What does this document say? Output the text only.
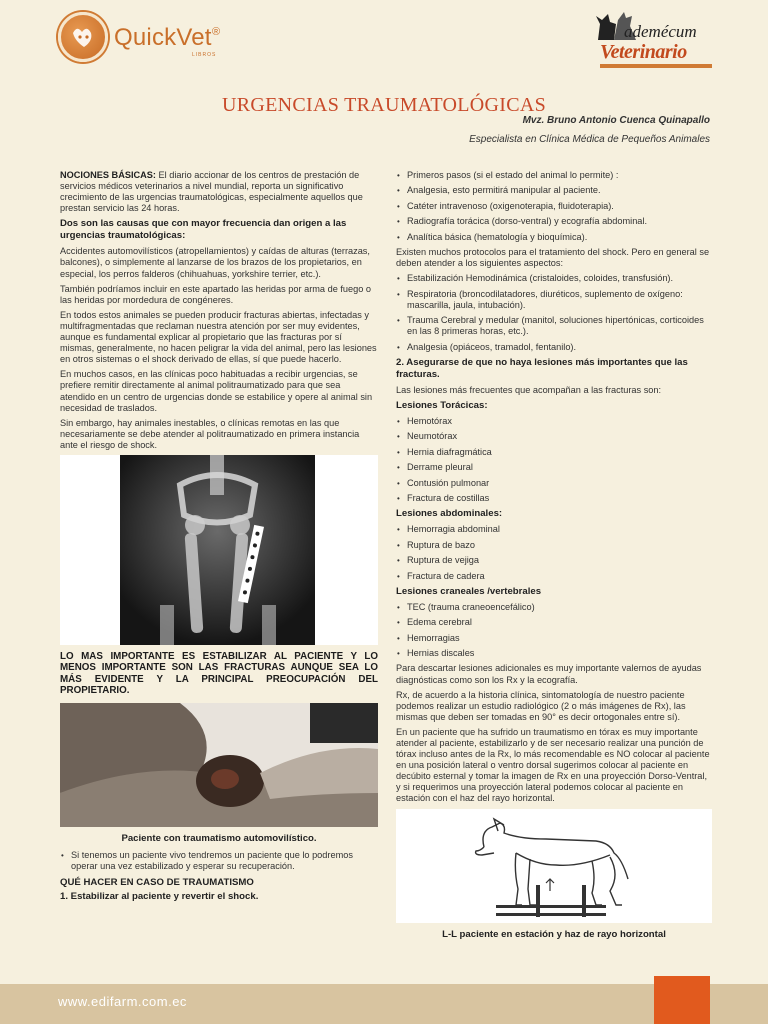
QuickVet ®
LIBROS
ademécum
Veterinario
URGENCIAS TRAUMATOLÓGICAS
Mvz. Bruno Antonio Cuenca Quinapallo
Especialista en Clínica Médica de Pequeños Animales

NOCIONES BÁSICAS: El diario accionar de los centros de prestación de servicios médicos veterinarios a nivel mundial, reporta un significativo crecimiento de las urgencias traumatológicas, especialmente aquellos que prestan servicio las 24 horas.

Dos son las causas que con mayor frecuencia dan origen a las urgencias traumatológicas:

Accidentes automovilísticos (atropellamientos) y caídas de alturas (terrazas, balcones), o simplemente al lanzarse de los brazos de los propietarios, en especial, los perros falderos (chihuahuas, yorkshire terrier, etc.).

También podríamos incluir en este apartado las heridas por arma de fuego o las heridas por mordedura de congéneres.

En todos estos animales se pueden producir fracturas abiertas, infectadas y multifragmentadas que reclaman nuestra atención por ser muy evidentes, aunque es fundamental explicar al propietario que las fracturas por sí mismas, generalmente, no hacen peligrar la vida del animal, pero las lesiones en otros sistemas o el shock derivado de ellas, sí que puede hacerlo.

En muchos casos, en las clínicas poco habituadas a recibir urgencias, se prefiere remitir directamente al animal politraumatizado para que sea atendido en un centro de urgencias donde se estabilice y opere al animal sin necesidad de traslados.

Sin embargo, hay animales inestables, o clínicas remotas en las que necesariamente se debe atender al politraumatizado en primera instancia ante el riesgo de shock.

LO MAS IMPORTANTE ES ESTABILIZAR AL PACIENTE Y LO MENOS IMPORTANTE SON LAS FRACTURAS AUNQUE SEA LO MÁS EVIDENTE Y LA PRINCIPAL PREOCUPACIÓN DEL PROPIETARIO.
Paciente con traumatismo automovilístico.
• Si tenemos un paciente vivo tendremos un paciente que lo podremos operar una vez estabilizado y esperar su recuperación.
QUÉ HACER EN CASO DE TRAUMATISMO
1. Estabilizar al paciente y revertir el shock.
• Primeros pasos (si el estado del animal lo permite) :
• Analgesia, esto permitirá manipular al paciente.
• Catéter intravenoso (oxigenoterapia, fluidoterapia).
• Radiografía torácica (dorso-ventral) y ecografía abdominal.
• Analítica básica (hematología y bioquímica).

Existen muchos protocolos para el tratamiento del shock. Pero en general se deben atender a los siguientes aspectos:

• Estabilización Hemodinámica (cristaloides, coloides, transfusión).
• Respiratoria (broncodilatadores, diuréticos, suplemento de oxígeno: mascarilla, jaula, intubación).
• Trauma Cerebral y medular (manitol, soluciones hipertónicas, corticoides en las 8 primeras horas, etc.).
• Analgesia (opiáceos, tramadol, fentanilo).
2. Asegurarse de que no haya lesiones más importantes que las fracturas.

Las lesiones más frecuentes que acompañan a las fracturas son:

Lesiones Torácicas:
• Hemotórax
• Neumotórax
• Hernia diafragmática
• Derrame pleural
• Contusión pulmonar
• Fractura de costillas
Lesiones abdominales:
• Hemorragia abdominal
• Ruptura de bazo
• Ruptura de vejiga
• Fractura de cadera
Lesiones craneales /vertebrales
• TEC (trauma craneoencefálico)
• Edema cerebral
• Hemorragias
• Hernias discales

Para descartar lesiones adicionales es muy importante valernos de ayudas diagnósticas como son los Rx y la ecografía.

Rx, de acuerdo a la historia clínica, sintomatología de nuestro paciente podemos realizar un estudio radiológico (2 o más imágenes de Rx), las mismas que deben ser tomadas en 90° es decir ortogonales entre sí).

En un paciente que ha sufrido un traumatismo en tórax es muy importante atender al paciente, estabilizarlo y de ser necesario realizar una punción de tórax incluso antes de la Rx, lo más recomendable es NO colocar al paciente en una posición lateral o ventro dorsal sugerimos colocar al paciente en decúbito esternal y tomar la imagen de Rx en una proyección Dorso-Ventral, y si requerimos una proyección lateral podemos colocar al paciente en estación con el haz del rayo horizontal.

L-L paciente en estación y haz de rayo horizontal
www.edifarm.com.ec
